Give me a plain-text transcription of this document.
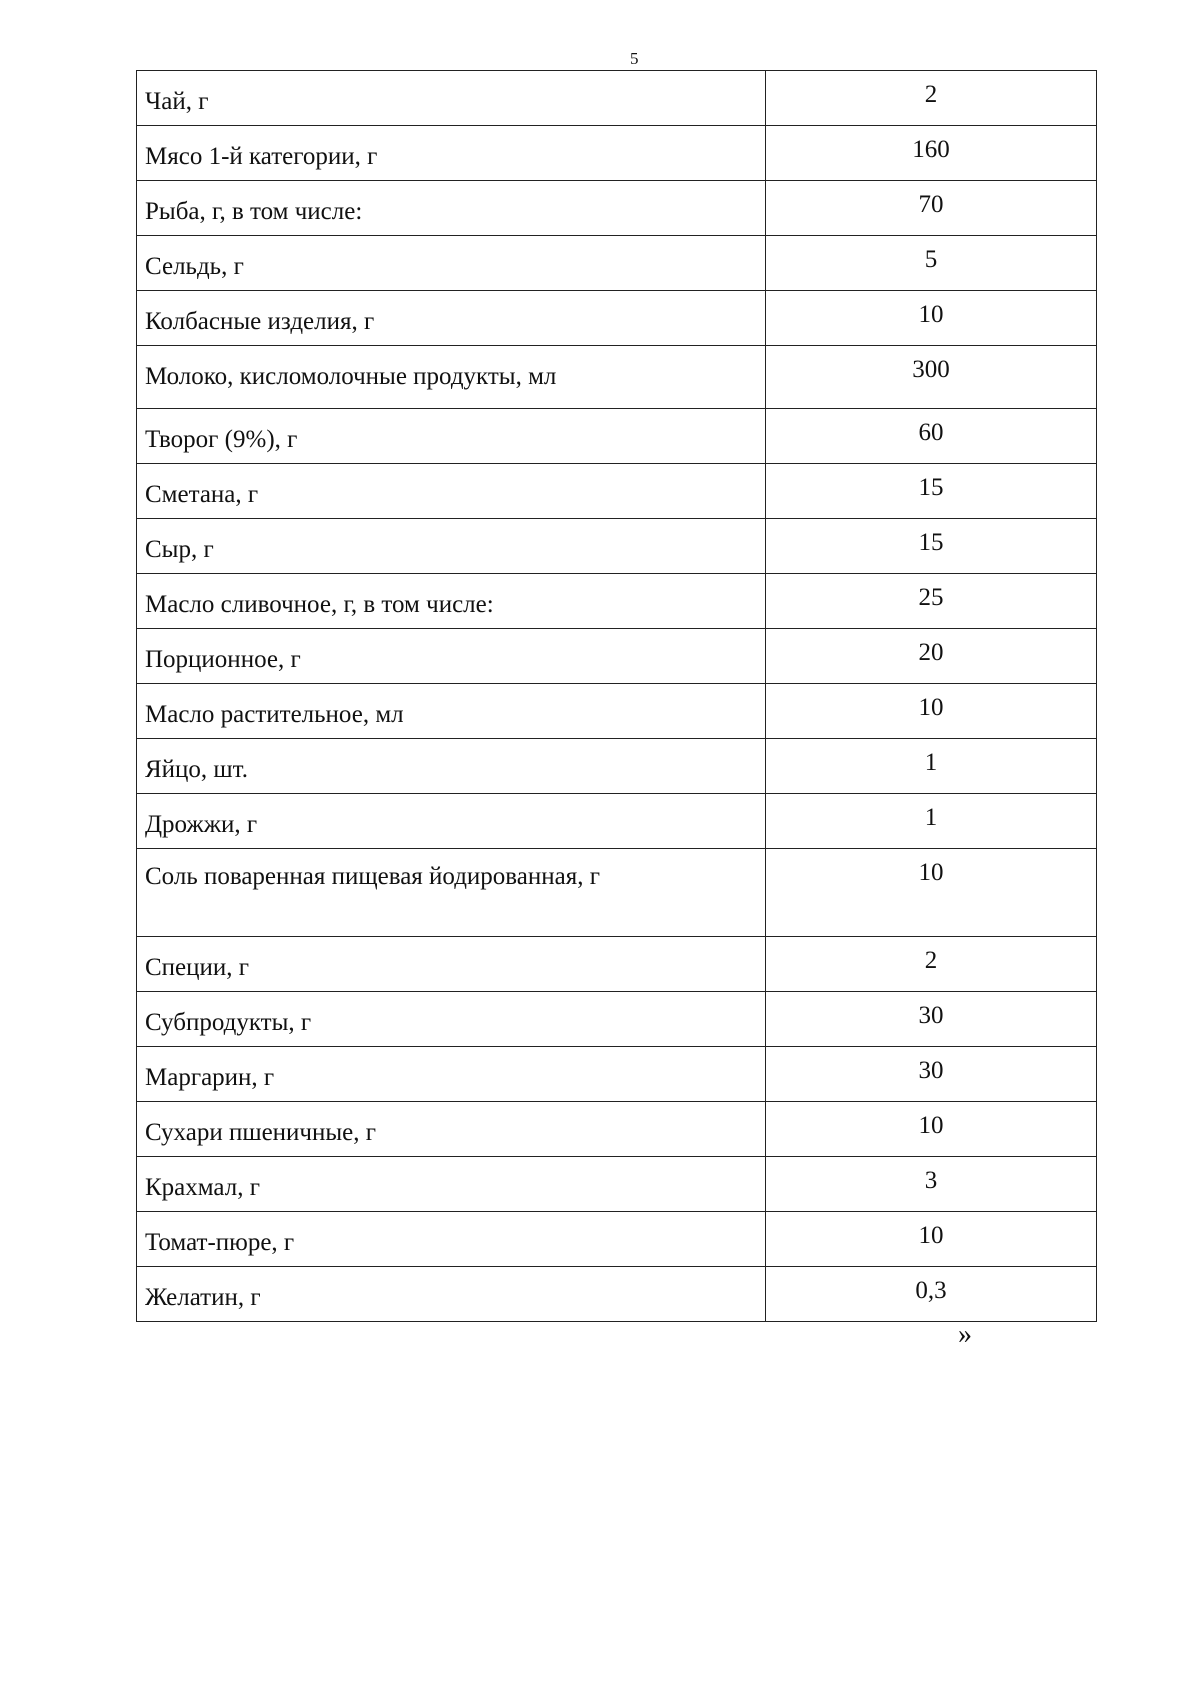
5
Чай, г	2
Мясо 1-й категории, г	160
Рыба, г, в том числе:	70
Сельдь, г	5
Колбасные изделия, г	10
Молоко, кисломолочные продукты, мл	300
Творог (9%), г	60
Сметана, г	15
Сыр, г	15
Масло сливочное, г, в том числе:	25
Порционное, г	20
Масло растительное, мл	10
Яйцо, шт.	1
Дрожжи, г	1
Соль поваренная пищевая йодированная, г	10
Специи, г	2
Субпродукты, г	30
Маргарин, г	30
Сухари пшеничные, г	10
Крахмал, г	3
Томат-пюре, г	10
Желатин, г	0,3
»
